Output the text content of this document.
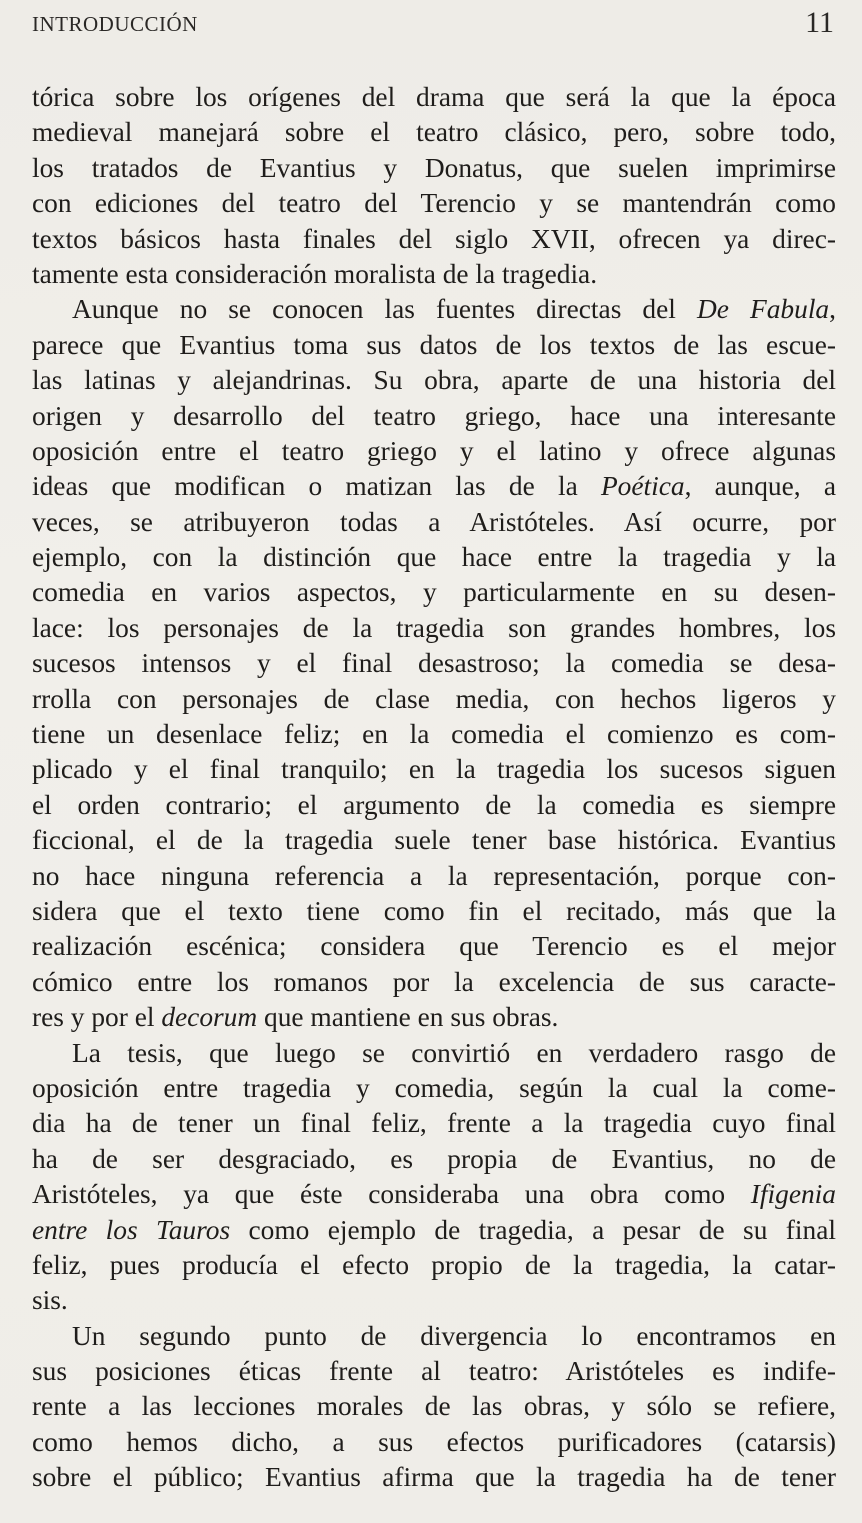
INTRODUCCIÓN	11
tórica sobre los orígenes del drama que será la que la época
medieval manejará sobre el teatro clásico, pero, sobre todo,
los tratados de Evantius y Donatus, que suelen imprimirse
con ediciones del teatro del Terencio y se mantendrán como
textos básicos hasta finales del siglo XVII, ofrecen ya direc-
tamente esta consideración moralista de la tragedia.
Aunque no se conocen las fuentes directas del De Fabula,
parece que Evantius toma sus datos de los textos de las escue-
las latinas y alejandrinas. Su obra, aparte de una historia del
origen y desarrollo del teatro griego, hace una interesante
oposición entre el teatro griego y el latino y ofrece algunas
ideas que modifican o matizan las de la Poética, aunque, a
veces, se atribuyeron todas a Aristóteles. Así ocurre, por
ejemplo, con la distinción que hace entre la tragedia y la
comedia en varios aspectos, y particularmente en su desen-
lace: los personajes de la tragedia son grandes hombres, los
sucesos intensos y el final desastroso; la comedia se desa-
rrolla con personajes de clase media, con hechos ligeros y
tiene un desenlace feliz; en la comedia el comienzo es com-
plicado y el final tranquilo; en la tragedia los sucesos siguen
el orden contrario; el argumento de la comedia es siempre
ficcional, el de la tragedia suele tener base histórica. Evantius
no hace ninguna referencia a la representación, porque con-
sidera que el texto tiene como fin el recitado, más que la
realización escénica; considera que Terencio es el mejor
cómico entre los romanos por la excelencia de sus caracte-
res y por el decorum que mantiene en sus obras.
La tesis, que luego se convirtió en verdadero rasgo de
oposición entre tragedia y comedia, según la cual la come-
dia ha de tener un final feliz, frente a la tragedia cuyo final
ha de ser desgraciado, es propia de Evantius, no de
Aristóteles, ya que éste consideraba una obra como Ifigenia
entre los Tauros como ejemplo de tragedia, a pesar de su final
feliz, pues producía el efecto propio de la tragedia, la catar-
sis.
Un segundo punto de divergencia lo encontramos en
sus posiciones éticas frente al teatro: Aristóteles es indife-
rente a las lecciones morales de las obras, y sólo se refiere,
como hemos dicho, a sus efectos purificadores (catarsis)
sobre el público; Evantius afirma que la tragedia ha de tener
